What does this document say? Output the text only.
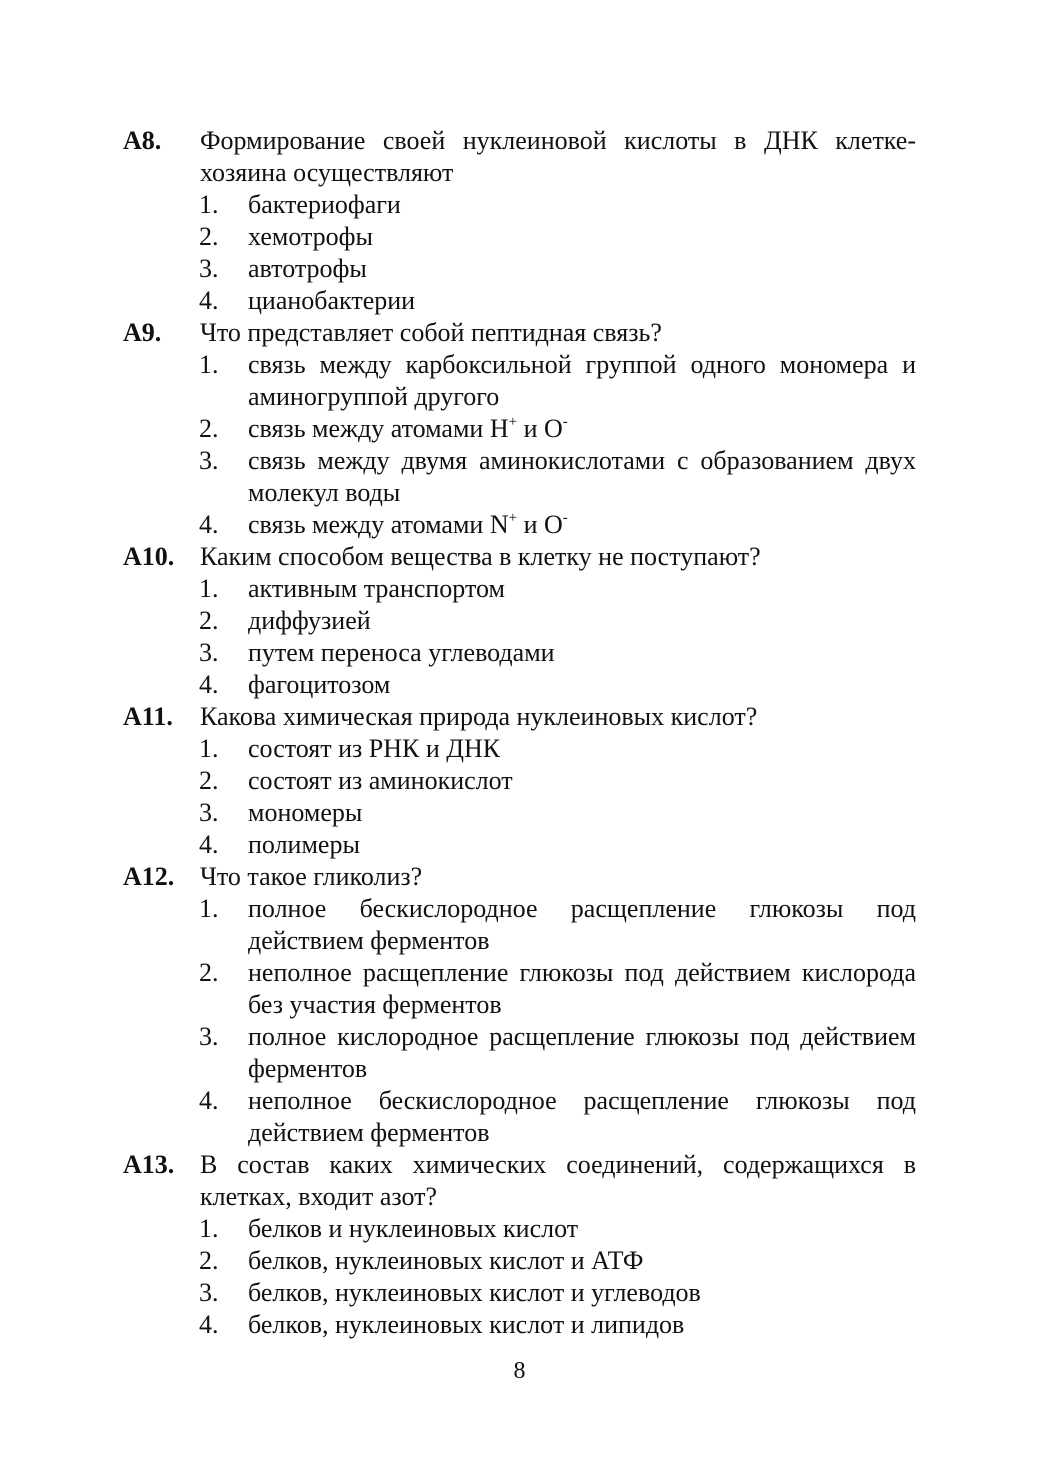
A8.	Формирование своей нуклеиновой кислоты в ДНК клетке-хозяина осуществляют
1.	бактериофаги
2.	хемотрофы
3.	автотрофы
4.	цианобактерии
A9.	Что представляет собой пептидная связь?
1.	связь между карбоксильной группой одного мономера и аминогруппой другого
2.	связь между атомами H+ и O-
3.	связь между двумя аминокислотами с образованием двух молекул воды
4.	связь между атомами N+ и O-
A10. Каким способом вещества в клетку не поступают?
1.	активным транспортом
2.	диффузией
3.	путем переноса углеводами
4.	фагоцитозом
A11.	Какова химическая природа нуклеиновых кислот?
1.	состоят из РНК и ДНК
2.	состоят из аминокислот
3.	мономеры
4.	полимеры
A12. Что такое гликолиз?
1.	полное бескислородное расщепление глюкозы под действием ферментов
2.	неполное расщепление глюкозы под действием кислорода без участия ферментов
3.	полное кислородное расщепление глюкозы под действием ферментов
4.	неполное бескислородное расщепление глюкозы под действием ферментов
A13. В состав каких химических соединений, содержащихся в клетках, входит азот?
1.	белков и нуклеиновых кислот
2.	белков, нуклеиновых кислот и АТФ
3.	белков, нуклеиновых кислот и углеводов
4.	белков, нуклеиновых кислот и липидов
8
